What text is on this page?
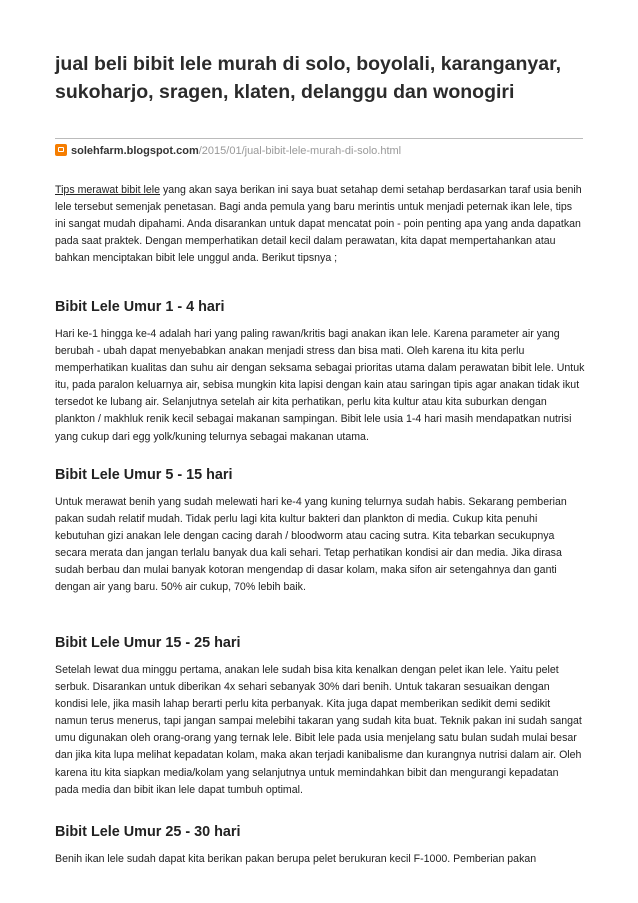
jual beli bibit lele murah di solo, boyolali, karanganyar, sukoharjo, sragen, klaten, delanggu dan wonogiri
solehfarm.blogspot.com/2015/01/jual-bibit-lele-murah-di-solo.html

Tips merawat bibit lele yang akan saya berikan ini saya buat setahap demi setahap berdasarkan taraf usia benih lele tersebut semenjak penetasan. Bagi anda pemula yang baru merintis untuk menjadi peternak ikan lele, tips ini sangat mudah dipahami. Anda disarankan untuk dapat mencatat poin - poin penting apa yang anda dapatkan pada saat praktek. Dengan memperhatikan detail kecil dalam perawatan, kita dapat mempertahankan atau bahkan menciptakan bibit lele unggul anda. Berikut tipsnya ;

Bibit Lele Umur 1 - 4 hari

Hari ke-1 hingga ke-4 adalah hari yang paling rawan/kritis bagi anakan ikan lele. Karena parameter air yang berubah - ubah dapat menyebabkan anakan menjadi stress dan bisa mati. Oleh karena itu kita perlu memperhatikan kualitas dan suhu air dengan seksama sebagai prioritas utama dalam perawatan bibit lele. Untuk itu, pada paralon keluarnya air, sebisa mungkin kita lapisi dengan kain atau saringan tipis agar anakan tidak ikut tersedot ke lubang air. Selanjutnya setelah air kita perhatikan, perlu kita kultur atau kita suburkan dengan plankton / makhluk renik kecil sebagai makanan sampingan. Bibit lele usia 1-4 hari masih mendapatkan nutrisi yang cukup dari egg yolk/kuning telurnya sebagai makanan utama.

Bibit Lele Umur 5 - 15 hari

Untuk merawat benih yang sudah melewati hari ke-4 yang kuning telurnya sudah habis. Sekarang pemberian pakan sudah relatif mudah. Tidak perlu lagi kita kultur bakteri dan plankton di media. Cukup kita penuhi kebutuhan gizi anakan lele dengan cacing darah / bloodworm atau cacing sutra. Kita tebarkan secukupnya secara merata dan jangan terlalu banyak dua kali sehari. Tetap perhatikan kondisi air dan media. Jika dirasa sudah berbau dan mulai banyak kotoran mengendap di dasar kolam, maka sifon air setengahnya dan ganti dengan air yang baru. 50% air cukup, 70% lebih baik.

Bibit Lele Umur 15 - 25 hari

Setelah lewat dua minggu pertama, anakan lele sudah bisa kita kenalkan dengan pelet ikan lele. Yaitu pelet serbuk. Disarankan untuk diberikan 4x sehari sebanyak 30% dari benih. Untuk takaran sesuaikan dengan kondisi lele, jika masih lahap berarti perlu kita perbanyak. Kita juga dapat memberikan sedikit demi sedikit namun terus menerus, tapi jangan sampai melebihi takaran yang sudah kita buat. Teknik pakan ini sudah sangat umu digunakan oleh orang-orang yang ternak lele. Bibit lele pada usia menjelang satu bulan sudah mulai besar dan jika kita lupa melihat kepadatan kolam, maka akan terjadi kanibalisme dan kurangnya nutrisi dalam air. Oleh karena itu kita siapkan media/kolam yang selanjutnya untuk memindahkan bibit dan mengurangi kepadatan pada media dan bibit ikan lele dapat tumbuh optimal.

Bibit Lele Umur 25 - 30 hari

Benih ikan lele sudah dapat kita berikan pakan berupa pelet berukuran kecil F-1000. Pemberian pakan
